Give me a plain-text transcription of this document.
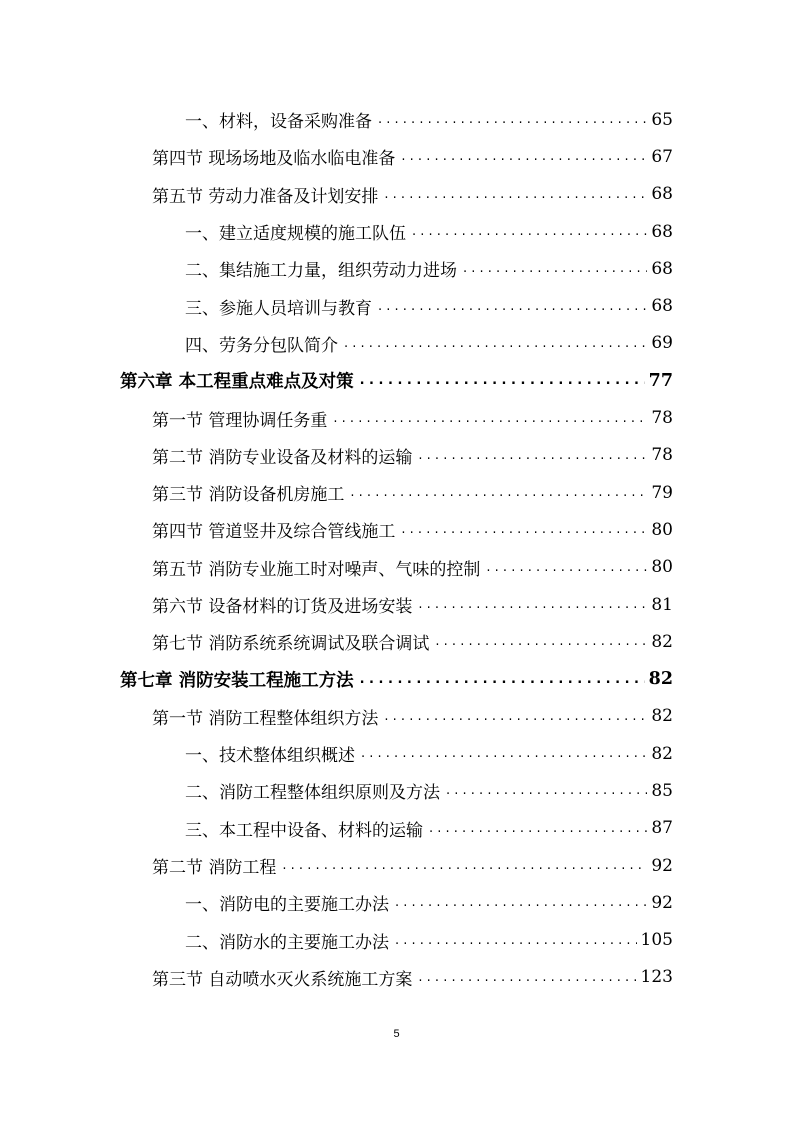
一、材料，设备采购准备 . . .	65
第四节 现场场地及临水临电准备 . . .	67
第五节 劳动力准备及计划安排 . . .	68
一、建立适度规模的施工队伍 . . .	68
二、集结施工力量，组织劳动力进场 . . .	68
三、参施人员培训与教育 . . .	68
四、劳务分包队简介 . . .	69
第六章 本工程重点难点及对策 . . .	77
第一节 管理协调任务重 . . .	78
第二节 消防专业设备及材料的运输 . . .	78
第三节 消防设备机房施工 . . .	79
第四节 管道竖井及综合管线施工 . . .	80
第五节 消防专业施工时对噪声、气味的控制 . . .	80
第六节 设备材料的订货及进场安装 . . .	81
第七节 消防系统系统调试及联合调试 . . .	82
第七章 消防安装工程施工方法 . . .	82
第一节 消防工程整体组织方法 . . .	82
一、技术整体组织概述 . . .	82
二、消防工程整体组织原则及方法 . . .	85
三、本工程中设备、材料的运输 . . .	87
第二节 消防工程 . . .	92
一、消防电的主要施工办法 . . .	92
二、消防水的主要施工办法 . . .	105
第三节 自动喷水灭火系统施工方案 . . .	123
5
